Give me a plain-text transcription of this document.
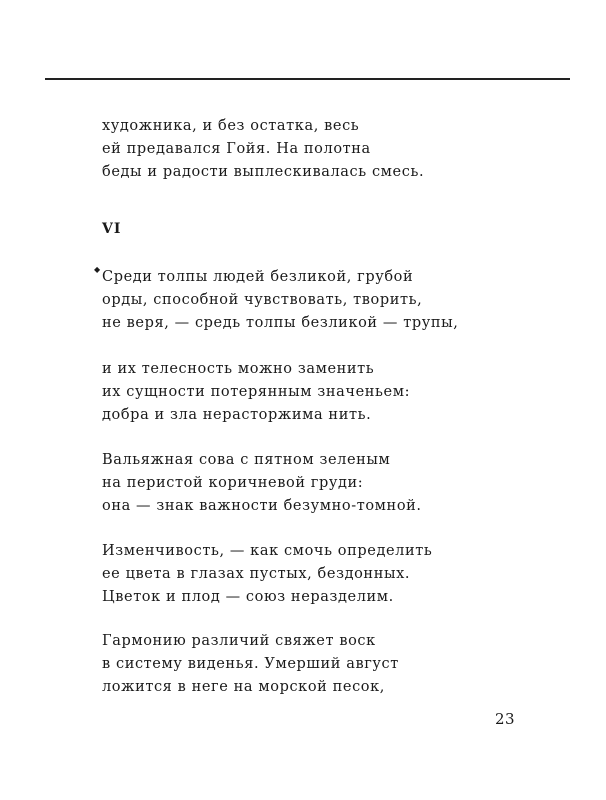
художника, и без остатка, весь
ей предавался Гойя. На полотна
беды и радости выплескивалась смесь.
VI
◆ Среди толпы людей безликой, грубой
орды, способной чувствовать, творить,
не веря, — средь толпы безликой — трупы,
и их телесность можно заменить
их сущности потерянным значеньем:
добра и зла нерасторжима нить.
Вальяжная сова с пятном зеленым
на перистой коричневой груди:
она — знак важности безумно-томной.
Изменчивость, — как смочь определить
ее цвета в глазах пустых, бездонных.
Цветок и плод — союз неразделим.
Гармонию различий свяжет воск
в систему виденья. Умерший август
ложится в неге на морской песок,
23
